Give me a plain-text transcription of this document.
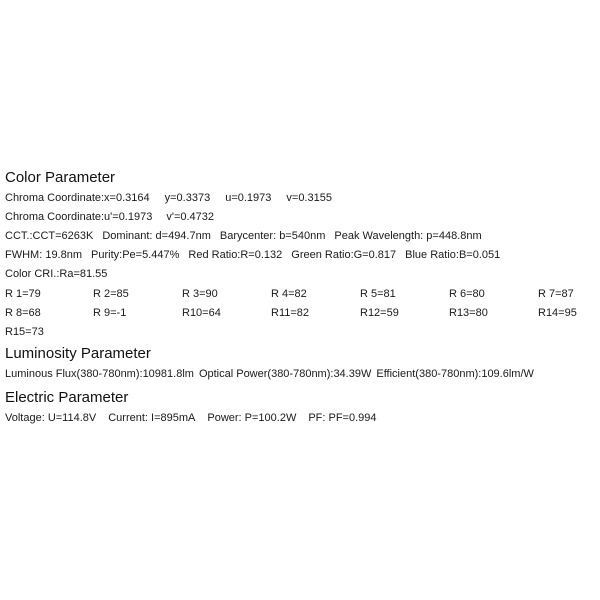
Color Parameter
Chroma Coordinate:x=0.3164 y=0.3373 u=0.1973 v=0.3155
Chroma Coordinate:u'=0.1973 v'=0.4732
CCT.:CCT=6263K Dominant: d=494.7nm Barycenter: b=540nm Peak Wavelength: p=448.8nm
FWHM: 19.8nm Purity:Pe=5.447% Red Ratio:R=0.132 Green Ratio:G=0.817 Blue Ratio:B=0.051
Color CRI.:Ra=81.55
R 1=79	R 2=85	R 3=90	R 4=82	R 5=81	R 6=80	R 7=87
R 8=68	R 9=-1	R10=64	R11=82	R12=59	R13=80	R14=95
R15=73
Luminosity Parameter
Luminous Flux(380-780nm):10981.8lm Optical Power(380-780nm):34.39W Efficient(380-780nm):109.6lm/W
Electric Parameter
Voltage: U=114.8V Current: I=895mA Power: P=100.2W PF: PF=0.994
